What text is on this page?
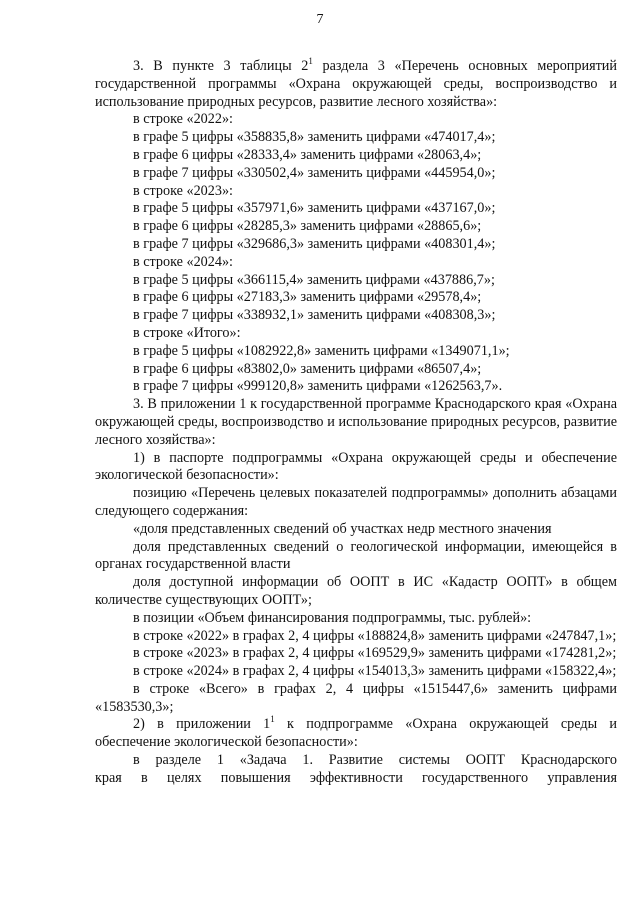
7

3. В пункте 3 таблицы $2^1$ раздела 3 «Перечень основных мероприятий государственной программы «Охрана окружающей среды, воспроизводство и использование природных ресурсов, развитие лесного хозяйства»:

в строке «2022»:

в графе 5 цифры «358835,8» заменить цифрами «474017,4»;

в графе 6 цифры «28333,4» заменить цифрами «28063,4»;

в графе 7 цифры «330502,4» заменить цифрами «445954,0»;

в строке «2023»:

в графе 5 цифры «357971,6» заменить цифрами «437167,0»;

в графе 6 цифры «28285,3» заменить цифрами «28865,6»;

в графе 7 цифры «329686,3» заменить цифрами «408301,4»;

в строке «2024»:

в графе 5 цифры «366115,4» заменить цифрами «437886,7»;

в графе 6 цифры «27183,3» заменить цифрами «29578,4»;

в графе 7 цифры «338932,1» заменить цифрами «408308,3»;

в строке «Итого»:

в графе 5 цифры «1082922,8» заменить цифрами «1349071,1»;

в графе 6 цифры «83802,0» заменить цифрами «86507,4»;

в графе 7 цифры «999120,8» заменить цифрами «1262563,7».

3. В приложении 1 к государственной программе Краснодарского края «Охрана окружающей среды, воспроизводство и использование природных ресурсов, развитие лесного хозяйства»:

1) в паспорте подпрограммы «Охрана окружающей среды и обеспечение экологической безопасности»:

позицию «Перечень целевых показателей подпрограммы» дополнить абзацами следующего содержания:

«доля представленных сведений об участках недр местного значения

доля представленных сведений о геологической информации, имеющейся в органах государственной власти

доля доступной информации об ООПТ в ИС «Кадастр ООПТ» в общем количестве существующих ООПТ»;

в позиции «Объем финансирования подпрограммы, тыс. рублей»:

в строке «2022» в графах 2, 4 цифры «188824,8» заменить цифрами «247847,1»;

в строке «2023» в графах 2, 4 цифры «169529,9» заменить цифрами «174281,2»;

в строке «2024» в графах 2, 4 цифры «154013,3» заменить цифрами «158322,4»;

в строке «Всего» в графах 2, 4 цифры «1515447,6» заменить цифрами «1583530,3»;

2) в приложении $1^1$ к подпрограмме «Охрана окружающей среды и обеспечение экологической безопасности»:

в разделе 1 «Задача 1. Развитие системы ООПТ Краснодарского

края в целях повышения эффективности государственного управления
